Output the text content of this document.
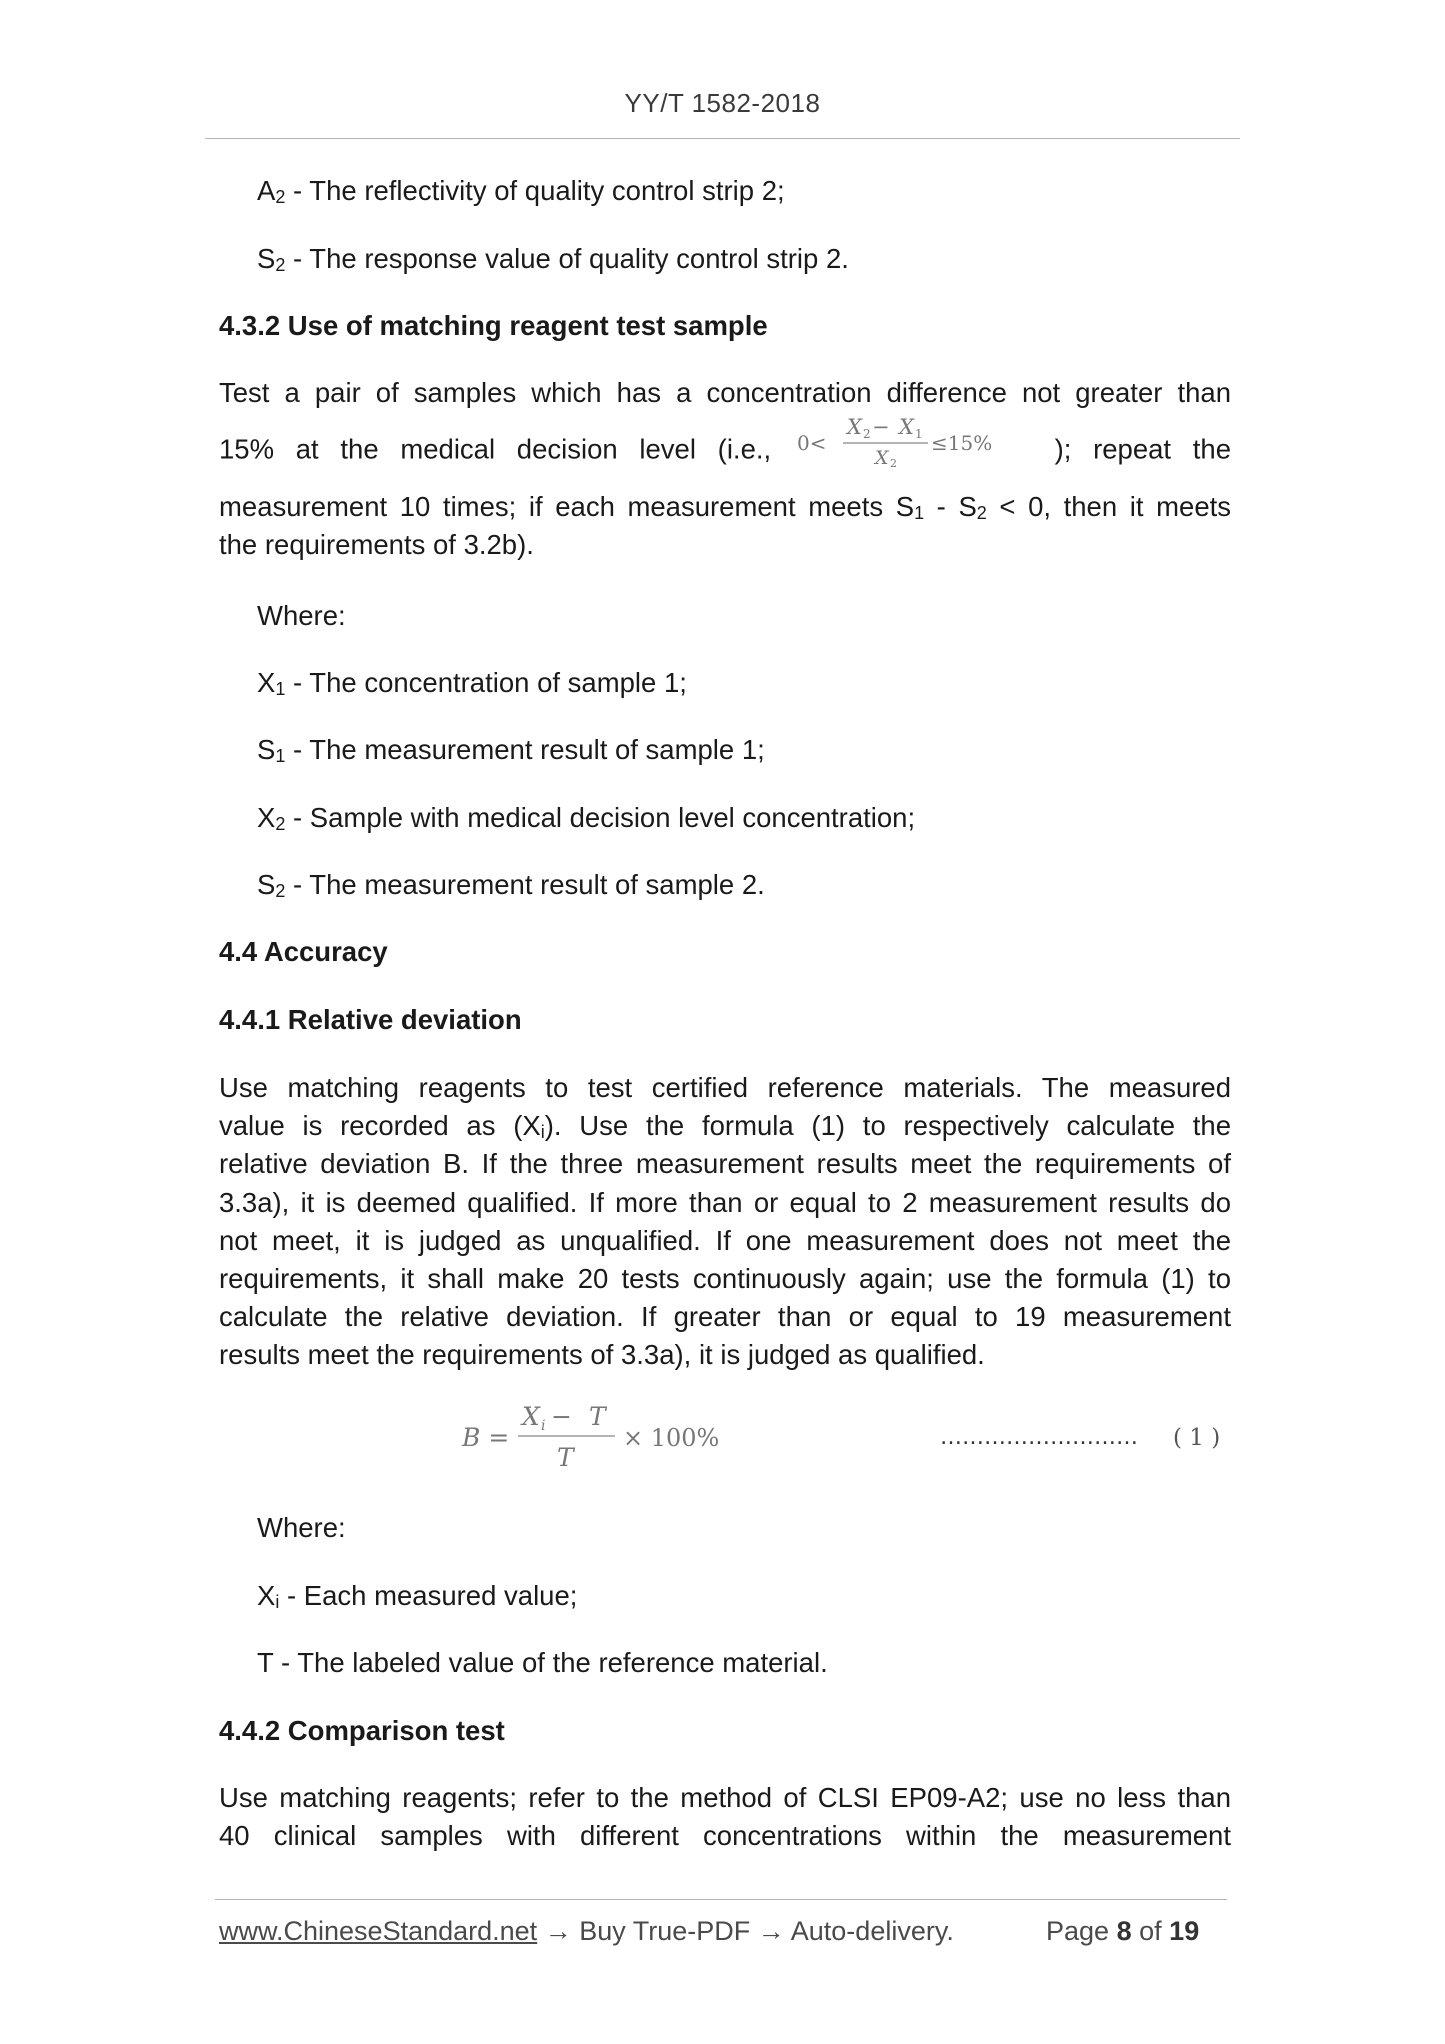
YY/T 1582-2018
$A_2$ - The reflectivity of quality control strip 2;
$S_2$ - The response value of quality control strip 2.
4.3.2 Use of matching reagent test sample

Test a pair of samples which has a concentration difference not greater than

15% at the medical decision level (i.e., 0<
X 2 − X 1
X 2
≤15% ); repeat the

measurement 10 times; if each measurement meets $S_1 - S_2 < 0$, then it meets

the requirements of 3.2b).

Where:
$X_1$ - The concentration of sample 1;
$S_1$ - The measurement result of sample 1;
$X_2$ - Sample with medical decision level concentration;
$S_2$ - The measurement result of sample 2.
4.4 Accuracy
4.4.1 Relative deviation

Use matching reagents to test certified reference materials. The measured

value is recorded as $(X_i)$. Use the formula (1) to respectively calculate the

relative deviation B. If the three measurement results meet the requirements of

3.3a), it is deemed qualified. If more than or equal to 2 measurement results do

not meet, it is judged as unqualified. If one measurement does not meet the

requirements, it shall make 20 tests continuously again; use the formula (1) to

calculate the relative deviation. If greater than or equal to 19 measurement

results meet the requirements of 3.3a), it is judged as qualified.

B =
X i − T
T
× 100%	……………………… ( 1 )
Where:
$X_i$ - Each measured value;
T - The labeled value of the reference material.
4.4.2 Comparison test

Use matching reagents; refer to the method of CLSI EP09-A2; use no less than

40 clinical samples with different concentrations within the measurement

www.ChineseStandard.net → Buy True-PDF → Auto-delivery.	Page 8 of 19
